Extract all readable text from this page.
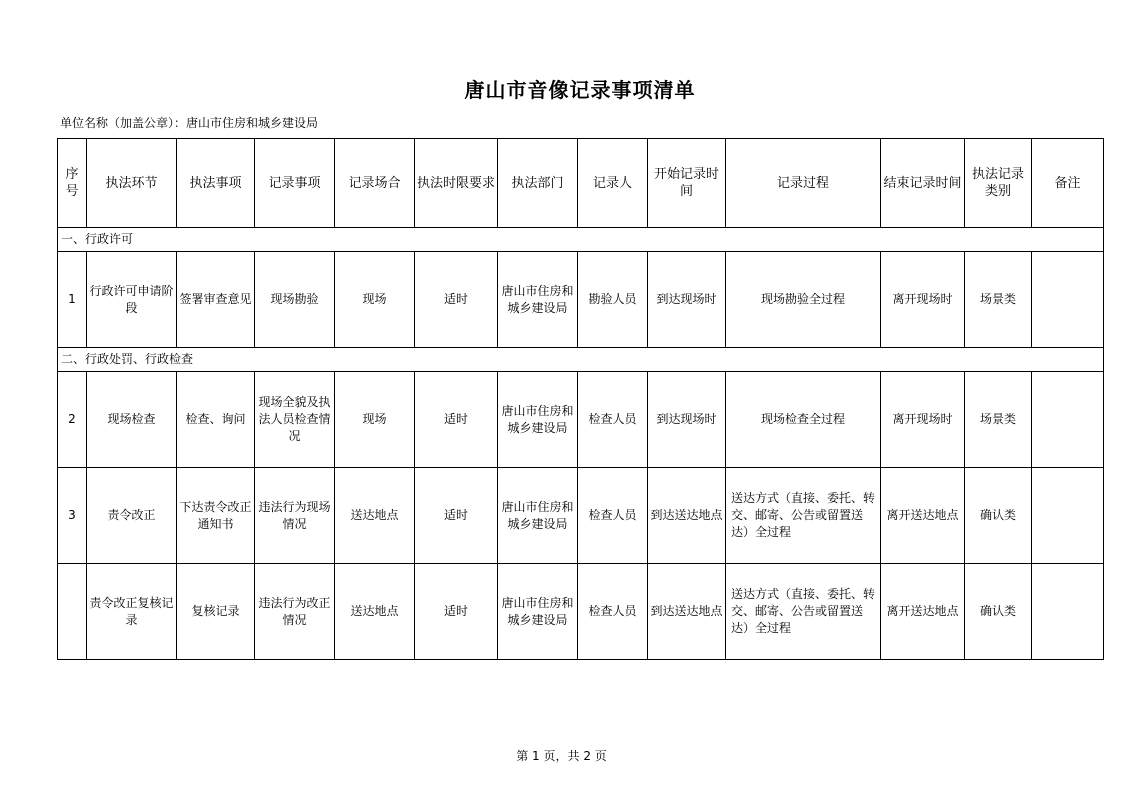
唐山市音像记录事项清单
单位名称（加盖公章）：唐山市住房和城乡建设局
序号	执法环节	执法事项	记录事项	记录场合	执法时限要求	执法部门	记录人	开始记录时间	记录过程	结束记录时间	执法记录类别	备注
一、行政许可												
1	行政许可申请阶段	签署审查意见	现场勘验	现场	适时	唐山市住房和城乡建设局	勘验人员	到达现场时	现场勘验全过程	离开现场时	场景类	
二、行政处罚、行政检查												
2	现场检查	检查、询问	现场全貌及执法人员检查情况	现场	适时	唐山市住房和城乡建设局	检查人员	到达现场时	现场检查全过程	离开现场时	场景类	
3	责令改正	下达责令改正通知书	违法行为现场情况	送达地点	适时	唐山市住房和城乡建设局	检查人员	到达送达地点	送达方式（直接、委托、转交、邮寄、公告或留置送达）全过程	离开送达地点	确认类	
	责令改正复核记录	复核记录	违法行为改正情况	送达地点	适时	唐山市住房和城乡建设局	检查人员	到达送达地点	送达方式（直接、委托、转交、邮寄、公告或留置送达）全过程	离开送达地点	确认类	
第 1 页，共 2 页
